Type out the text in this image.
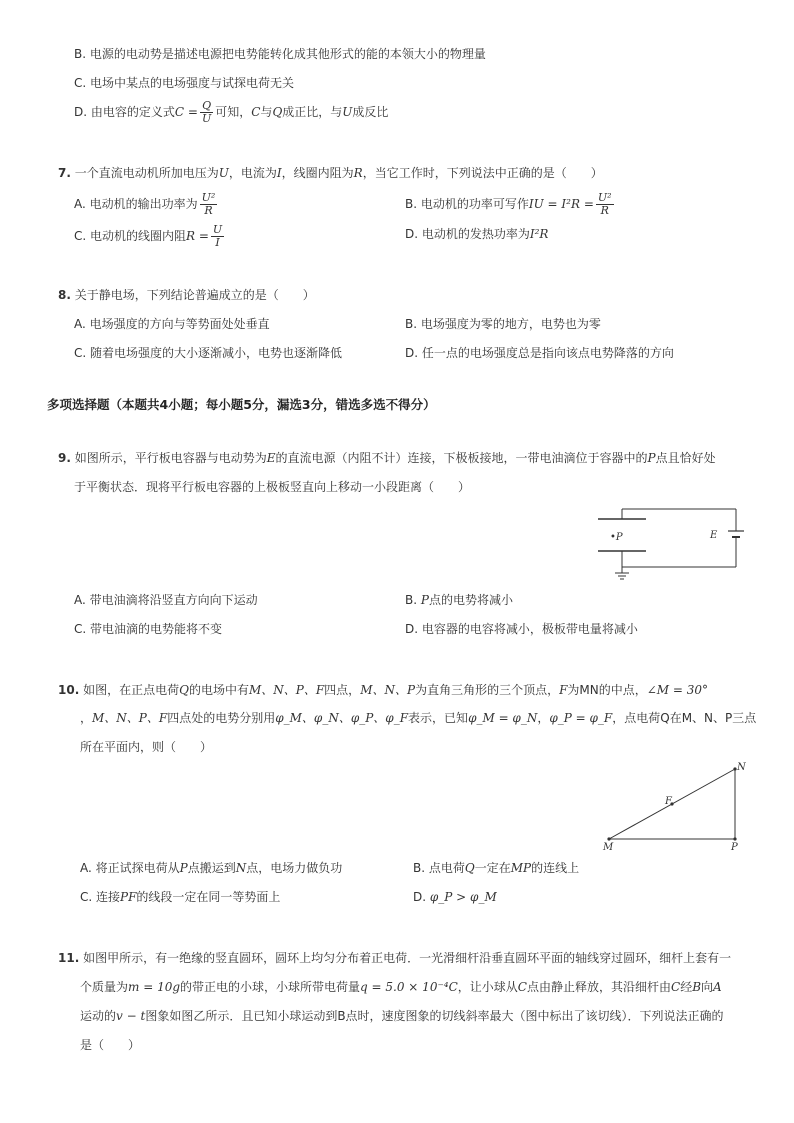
B. 电源的电动势是描述电源把电势能转化成其他形式的能的本领大小的物理量
C. 电场中某点的电场强度与试探电荷无关
D. 由电容的定义式$C = \frac{Q}{U}$ 可知，C与Q成正比，与U成反比
7. 一个直流电动机所加电压为U，电流为I，线圈内阻为R，当它工作时，下列说法中正确的是（　　）
A. 电动机的输出功率为 $\frac{\text{U²}}{R}$	B. 电动机的功率可写作IU = $I^2R = \frac{\text{U²}}{R}$
C. 电动机的线圈内阻$R = \frac{U}{I}$	D. 电动机的发热功率为I²R
8. 关于静电场，下列结论普遍成立的是（　　）
A. 电场强度的方向与等势面处处垂直	B. 电场强度为零的地方，电势也为零
C. 随着电场强度的大小逐渐减小，电势也逐渐降低	D. 任一点的电场强度总是指向该点电势降落的方向
多项选择题（本题共4小题；每小题5分，漏选3分，错选多选不得分）
9. 如图所示，平行板电容器与电动势为E的直流电源（内阻不计）连接，下极板接地，一带电油滴位于容器中的P点且恰好处
于平衡状态．现将平行板电容器的上极板竖直向上移动一小段距离（　　）
•P	E
A. 带电油滴将沿竖直方向向下运动	B. P点的电势将减小
C. 带电油滴的电势能将不变	D. 电容器的电容将减小，极板带电量将减小
10. 如图，在正点电荷Q的电场中有M、N、P、F四点，M、N、P为直角三角形的三个顶点，F为MN的中点，∠M = 30°
，M、N、P、F四点处的电势分别用φ_M、φ_N、φ_P、φ_F表示，已知φ_M = φ_N，φ_P = φ_F，点电荷Q在M、N、P三点
所在平面内，则（　　）
N
M	P
F
A. 将正试探电荷从P点搬运到N点，电场力做负功	B. 点电荷Q一定在MP的连线上
C. 连接PF的线段一定在同一等势面上	D. φ_P > φ_M
11. 如图甲所示，有一绝缘的竖直圆环，圆环上均匀分布着正电荷．一光滑细杆沿垂直圆环平面的轴线穿过圆环，细杆上套有一
个质量为m = 10g的带正电的小球，小球所带电荷量q = 5.0 × 10⁻⁴C，让小球从C点由静止释放，其沿细杆由C经B向A
运动的v − t图象如图乙所示．且已知小球运动到B点时，速度图象的切线斜率最大（图中标出了该切线）．下列说法正确的
是（　　）
